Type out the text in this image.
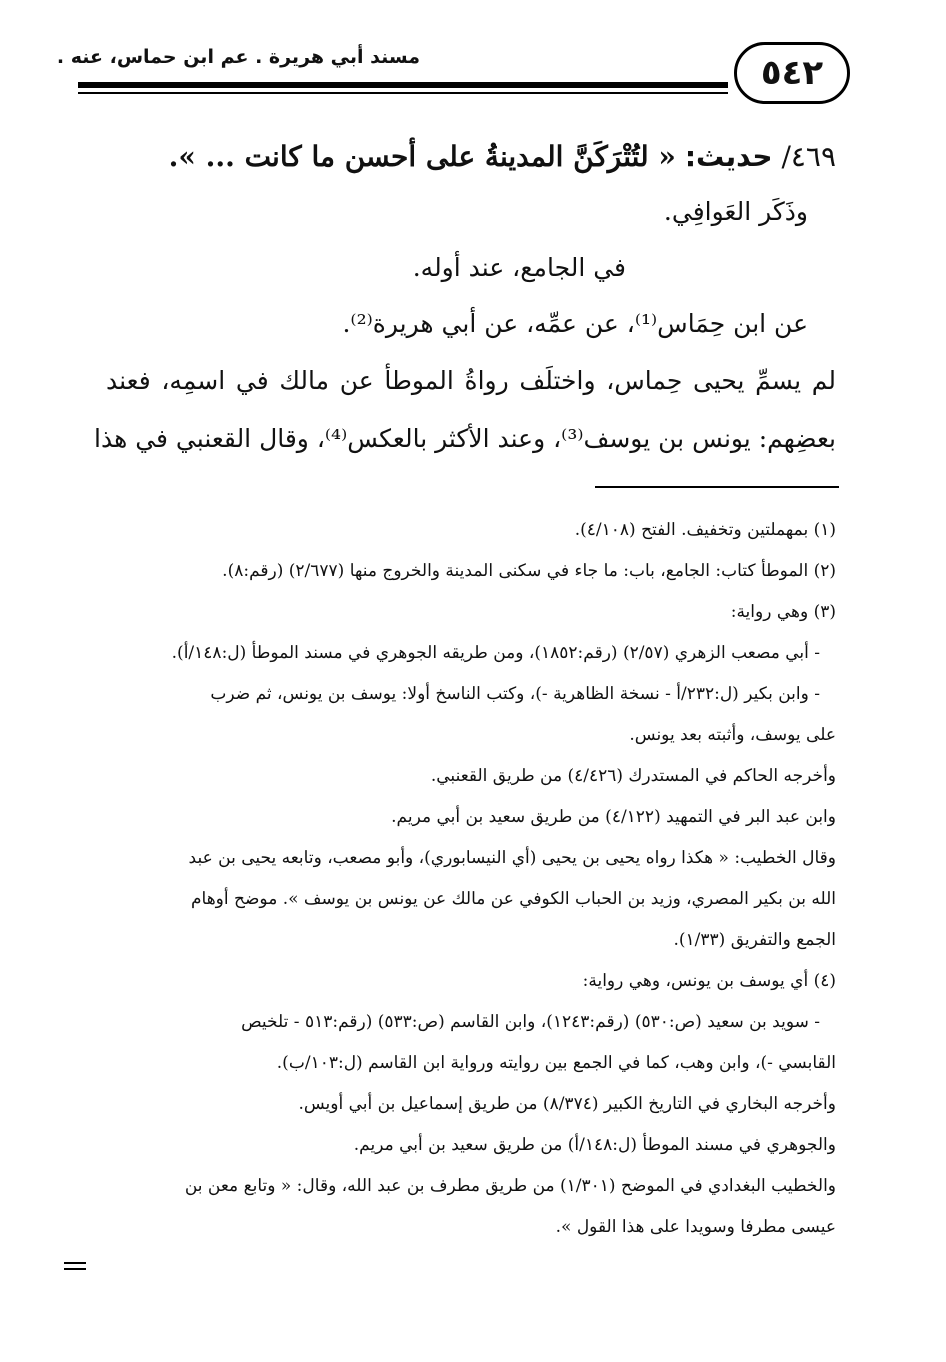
مسند أبي هريرة . عم ابن حماس، عنه .	٥٤٢
٤٦٩/ حديث: « لتُتْرَكَنَّ المدينةُ على أحسن ما كانت ... ».
وذَكَر العَوافِي.
في الجامع، عند أوله.
عن ابن حِمَاس⁽¹⁾، عن عمِّه، عن أبي هريرة⁽²⁾.
لم يسمِّ يحيى حِماس، واختلَف رواةُ الموطأ عن مالك في اسمِه، فعند
بعضِهم: يونس بن يوسف⁽³⁾، وعند الأكثر بالعكس⁽⁴⁾، وقال القعنبي في هذا
(١) بمهملتين وتخفيف. الفتح (٤/١٠٨).
(٢) الموطأ كتاب: الجامع، باب: ما جاء في سكنى المدينة والخروج منها (٢/٦٧٧) (رقم:٨).
(٣) وهي رواية:
- أبي مصعب الزهري (٢/٥٧) (رقم:١٨٥٢)، ومن طريقه الجوهري في مسند الموطأ (ل:١٤٨/أ).
- وابن بكير (ل:٢٣٢/أ - نسخة الظاهرية -)، وكتب الناسخ أولا: يوسف بن يونس، ثم ضرب
على يوسف، وأثبته بعد يونس.
وأخرجه الحاكم في المستدرك (٤/٤٢٦) من طريق القعنبي.
وابن عبد البر في التمهيد (٤/١٢٢) من طريق سعيد بن أبي مريم.
وقال الخطيب: « هكذا رواه يحيى بن يحيى (أي النيسابوري)، وأبو مصعب، وتابعه يحيى بن عبد
الله بن بكير المصري، وزيد بن الحباب الكوفي عن مالك عن يونس بن يوسف ». موضح أوهام
الجمع والتفريق (١/٣٣).
(٤) أي يوسف بن يونس، وهي رواية:
- سويد بن سعيد (ص:٥٣٠) (رقم:١٢٤٣)، وابن القاسم (ص:٥٣٣) (رقم:٥١٣ - تلخيص
القابسي -)، وابن وهب، كما في الجمع بين روايته ورواية ابن القاسم (ل:١٠٣/ب).
وأخرجه البخاري في التاريخ الكبير (٨/٣٧٤) من طريق إسماعيل بن أبي أويس.
والجوهري في مسند الموطأ (ل:١٤٨/أ) من طريق سعيد بن أبي مريم.
والخطيب البغدادي في الموضح (١/٣٠١) من طريق مطرف بن عبد الله، وقال: « وتابع معن بن
عيسى مطرفا وسويدا على هذا القول ».
